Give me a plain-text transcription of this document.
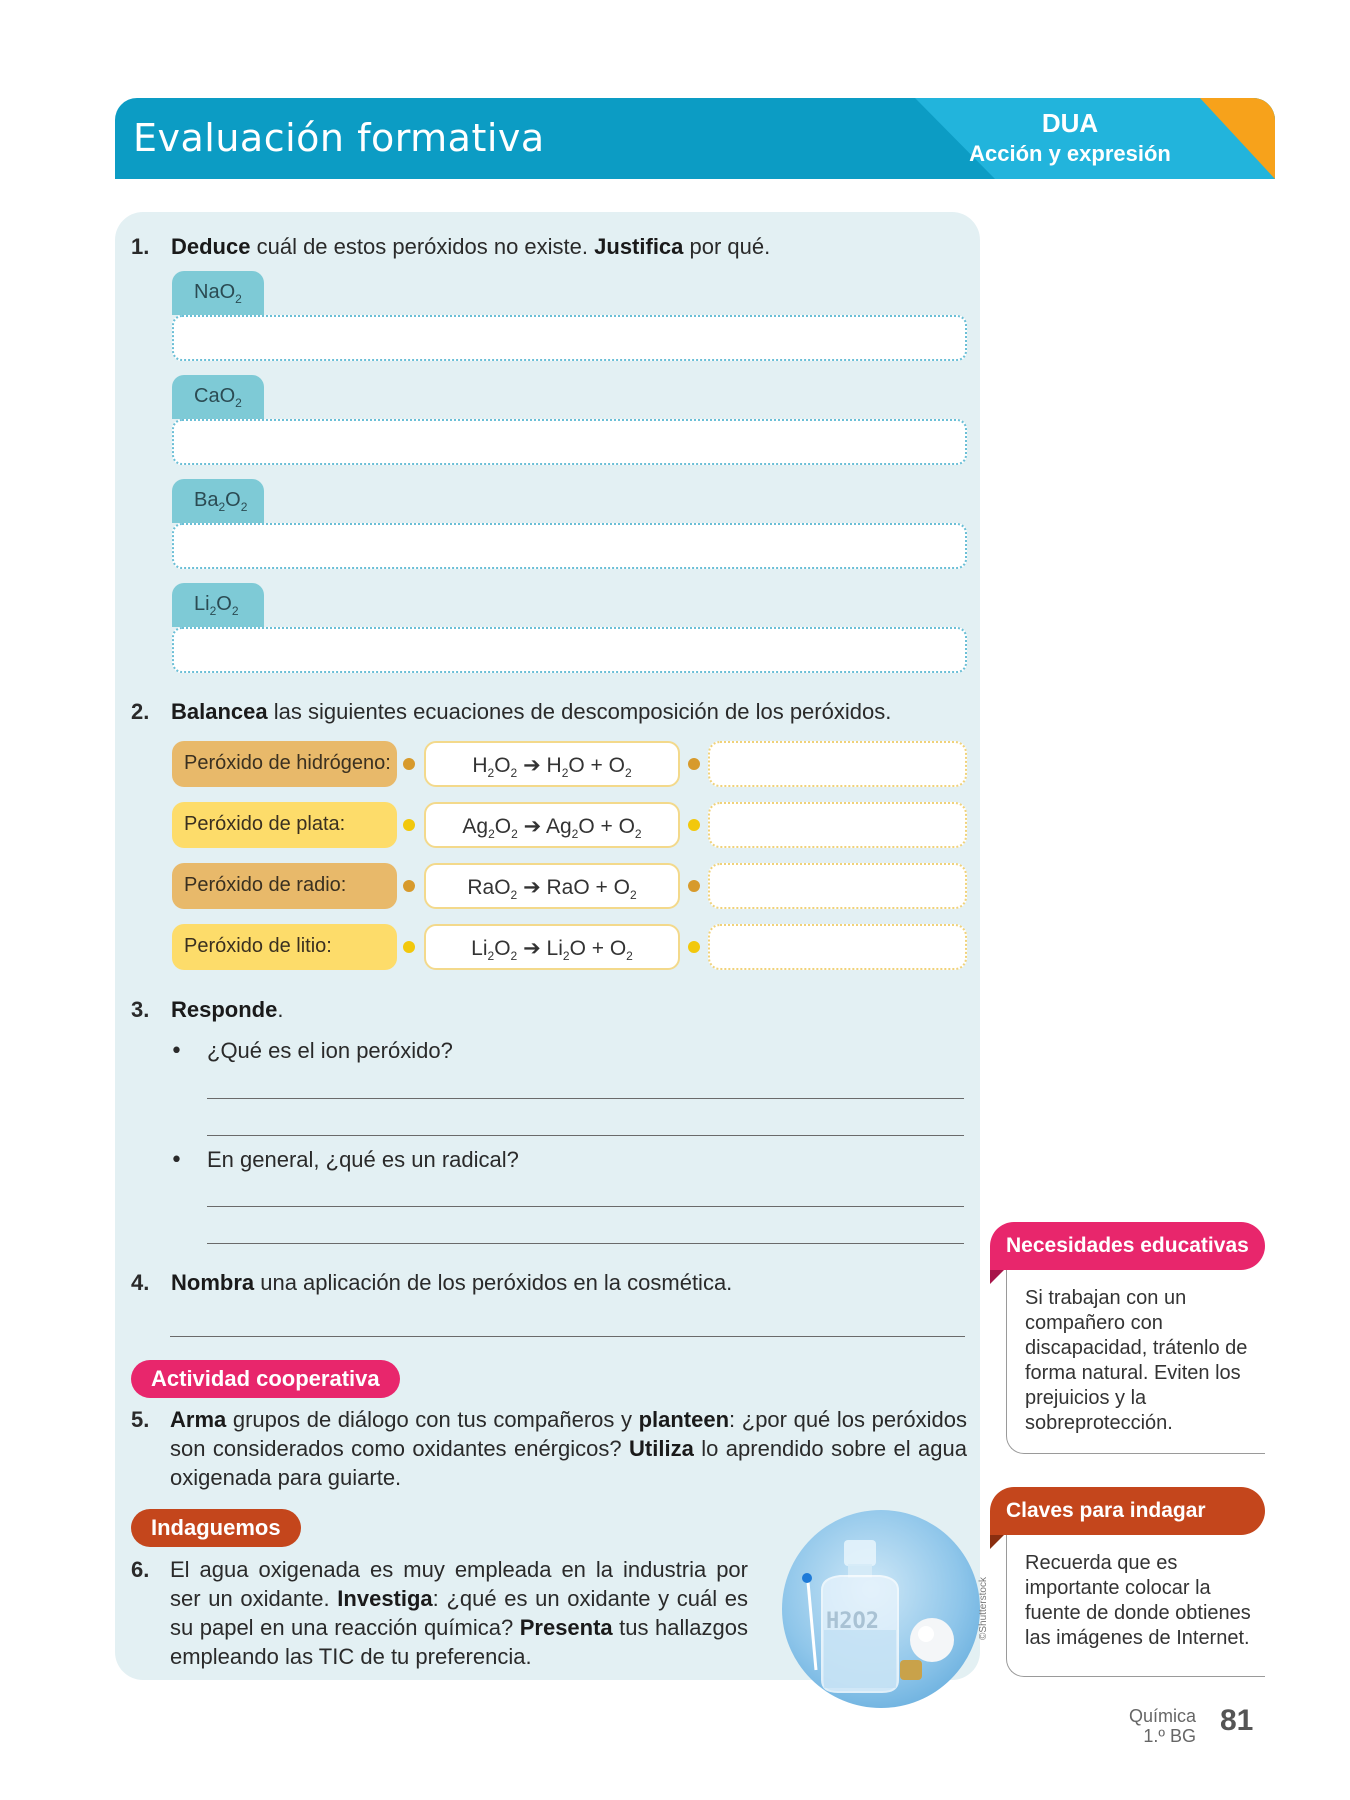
Evaluación formativa	DUA
Acción y expresión
1. Deduce cuál de estos peróxidos no existe. Justifica por qué.
NaO$_2$
CaO$_2$
$Ba_2O_2$
$Li_2O_2$
2. Balancea las siguientes ecuaciones de descomposición de los peróxidos.
Peróxido de hidrógeno:	$H_2O_2$ ➔ $H_2O + O_2$
Peróxido de plata:	$Ag_2O_2$ ➔ $Ag_2O + O_2$
Peróxido de radio:	RaO$_2$ ➔ RaO + $O_2$
Peróxido de litio:	$Li_2O_2$ ➔ $Li_2O + O_2$
3. Responde.
• ¿Qué es el ion peróxido?
• En general, ¿qué es un radical?
4. Nombra una aplicación de los peróxidos en la cosmética.
Actividad cooperativa
5. Arma grupos de diálogo con tus compañeros y planteen: ¿por qué los peróxidos son considerados como oxidantes enérgicos? Utiliza lo aprendido sobre el agua oxigenada para guiarte.
Indaguemos
6. El agua oxigenada es muy empleada en la industria por ser un oxidante. Investiga: ¿qué es un oxidante y cuál es su papel en una reacción química? Presenta tus hallazgos empleando las TIC de tu preferencia.
H2O2	©Shutterstock
Necesidades educativas
Si trabajan con un compañero con discapacidad, trátenlo de forma natural. Eviten los prejuicios y la sobreprotección.
Claves para indagar
Recuerda que es importante colocar la fuente de donde obtienes las imágenes de Internet.
Química
1.º BG 81
